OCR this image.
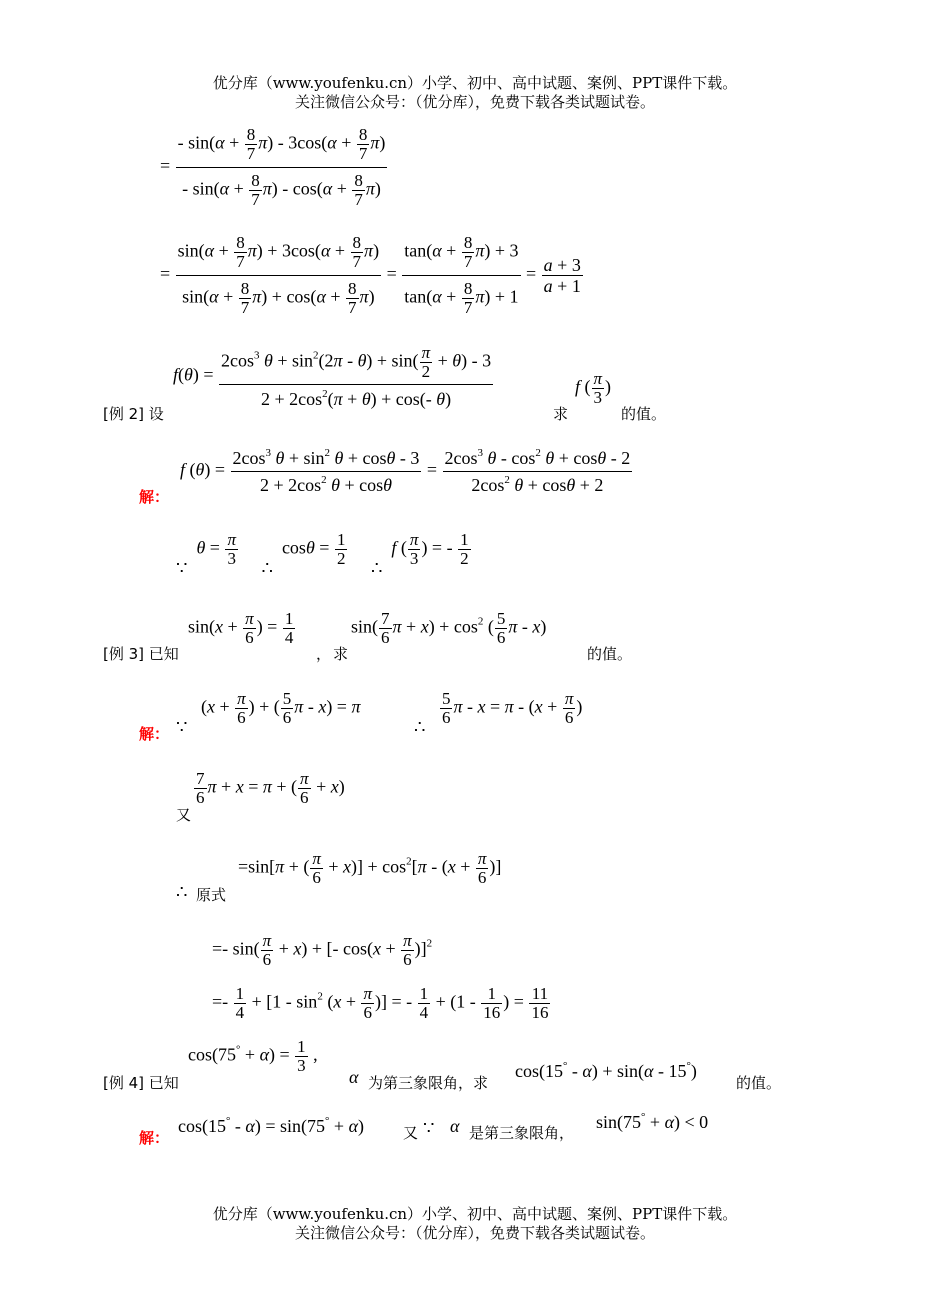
优分库（www.youfenku.cn）小学、初中、高中试题、案例、PPT课件下载。
关注微信公众号：（优分库），免费下载各类试题试卷。
= $\frac{- \sin(\alpha + \frac{8}{7} \pi) - 3\cos(\alpha + \frac{8}{7} \pi)}{- \sin(\alpha + \frac{8}{7} \pi) - \cos(\alpha + \frac{8}{7} \pi)}$
= $\frac{\sin(\alpha + \frac{8}{7} \pi) + 3\cos(\alpha + \frac{8}{7} \pi)}{\sin(\alpha + \frac{8}{7} \pi) + \cos(\alpha + \frac{8}{7} \pi)} = \frac{\tan(\alpha + \frac{8}{7} \pi) + 3}{\tan(\alpha + \frac{8}{7} \pi) + 1} = \frac{a + 3}{a + 1}$
[例 2] 设
$f(\theta) = \frac{2\cos^3 \theta + \sin^2(2\pi - \theta) + \sin( \frac{\pi}{2} + \theta) - 3}{2 + 2\cos^2(\pi + \theta) + \cos(- \theta)}$
求
f ( $\frac{\pi}{3}$ )
的值。
解：
f $(\theta) = \frac{2\cos^3 \theta + \sin^2 \theta + \cos\theta - 3}{2 + 2\cos^2 \theta + \cos\theta} = \frac{2\cos^3 \theta - \cos^2 \theta + \cos\theta - 2}{2\cos^2 \theta + \cos\theta + 2}$
∵  $\theta = \frac{\pi}{3}$ ∴  $\cos\theta = \frac{1}{2}$ ∴  f ( $\frac{\pi}{3}$ ) = - $\frac{1}{2}$
[例 3] 已知
$\sin(x + \frac{\pi}{6}$ ) = $\frac{1}{4}$
， 求
$\sin( \frac{7}{6}$ $\pi + x) + \cos^2$ ( $\frac{5}{6}$ π - x)
的值。
解： ∵   ($x + \frac{\pi}{6}$ ) + ( $\frac{5}{6}$ π - x) = π
∴ $\frac{5}{6}$ $\pi - x = \pi - (x + \frac{\pi}{6}$ )
又
$\frac{7}{6}$ π + x = π + ( $\frac{\pi}{6} + x$)
∴ 原式
=sin[π + ( $\frac{\pi}{6} + x)] + \cos^2[\pi - (x + \frac{\pi}{6}$ )]
=- $\sin( \frac{\pi}{6} + x)$ + [- $\cos(x + \frac{\pi}{6} )]^2$
=- $\frac{1}{4} + [1 - \sin^2 (x + \frac{\pi}{6}$ )] = - $\frac{1}{4} + (1 - \frac{1}{16}$ ) = $\frac{11}{16}$
[例 4] 已知
$\cos(75^\circ + \alpha) = \frac{1}{3}$ ,
α 为第三象限角，求
cos(15° - α) + sin(α - 15°)
的值。
解：
cos(15° - α) = sin(75° + α)	又 ∵ α 是第三象限角，
sin(75° + α) < 0
优分库（www.youfenku.cn）小学、初中、高中试题、案例、PPT课件下载。
关注微信公众号：（优分库），免费下载各类试题试卷。
